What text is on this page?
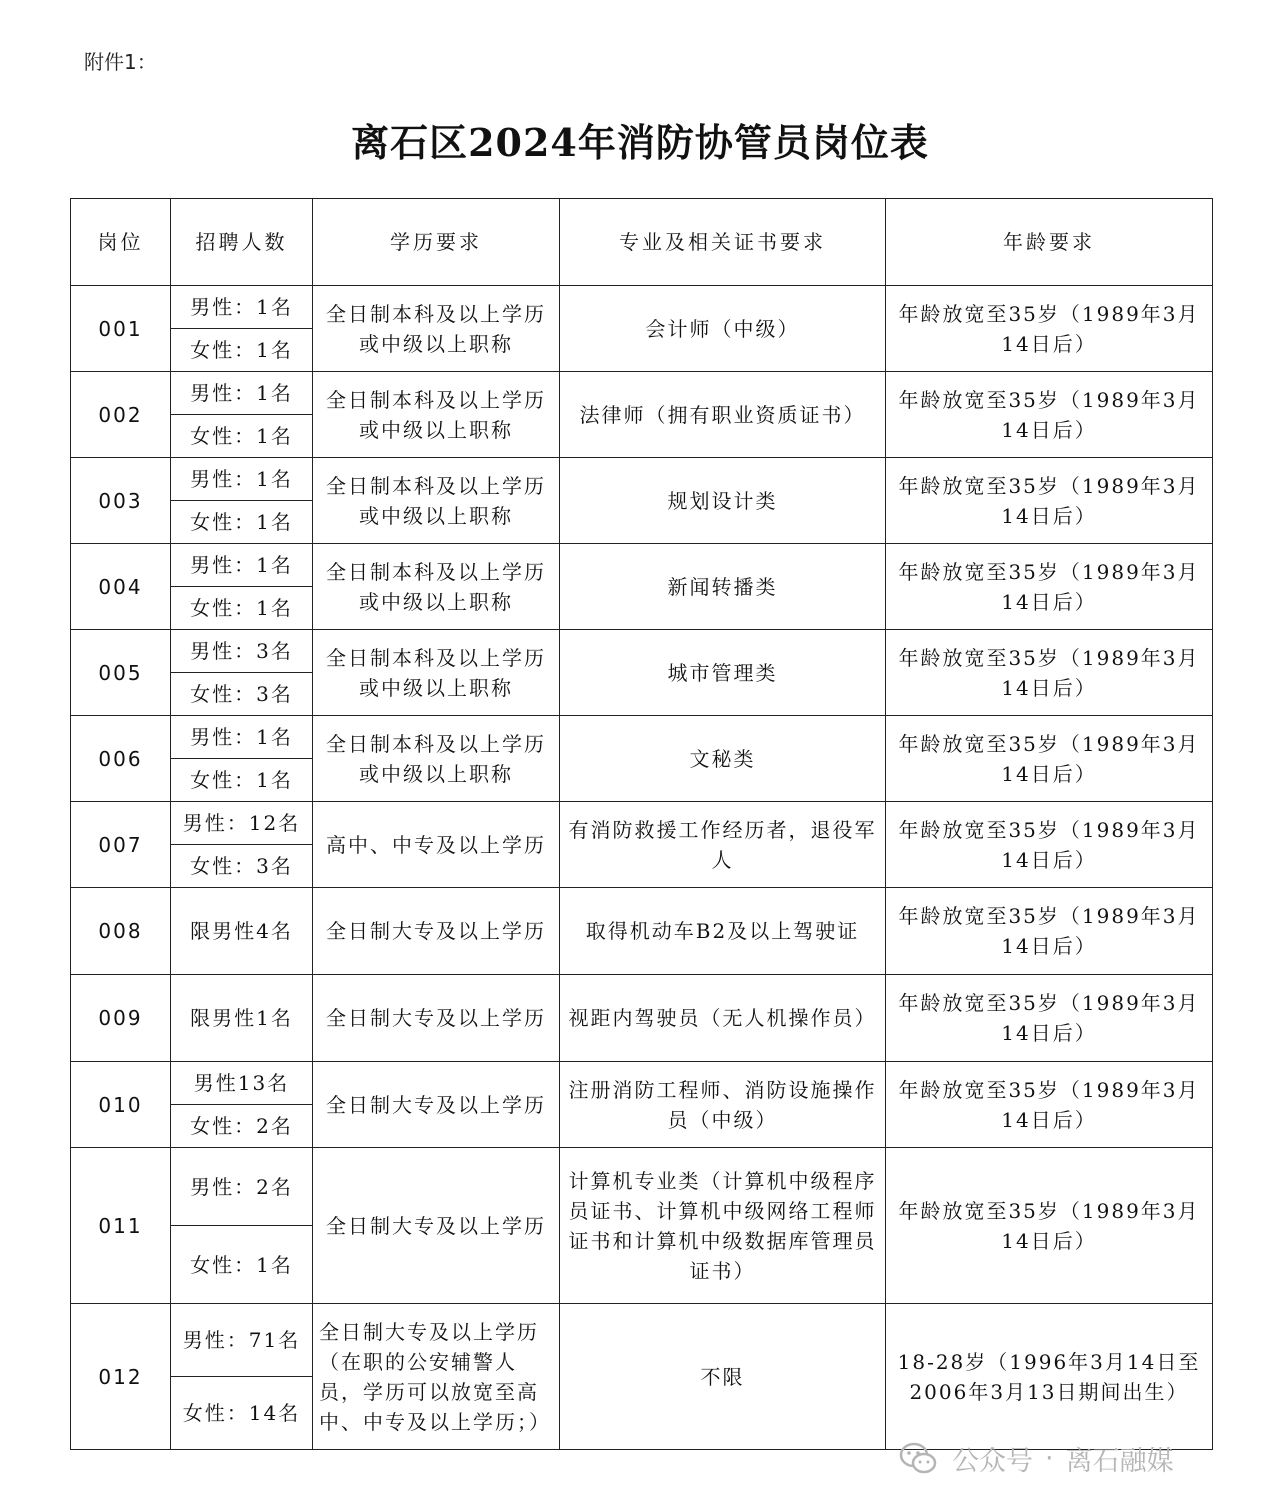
附件1：
离石区2024年消防协管员岗位表
岗位	招聘人数	学历要求	专业及相关证书要求	年龄要求
001	男性：1名	全日制本科及以上学历或中级以上职称	会计师（中级）	年龄放宽至35岁（1989年3月14日后）
	女性：1名			
002	男性：1名	全日制本科及以上学历或中级以上职称	法律师（拥有职业资质证书）	年龄放宽至35岁（1989年3月14日后）
	女性：1名			
003	男性：1名	全日制本科及以上学历或中级以上职称	规划设计类	年龄放宽至35岁（1989年3月14日后）
	女性：1名			
004	男性：1名	全日制本科及以上学历或中级以上职称	新闻转播类	年龄放宽至35岁（1989年3月14日后）
	女性：1名			
005	男性：3名	全日制本科及以上学历或中级以上职称	城市管理类	年龄放宽至35岁（1989年3月14日后）
	女性：3名			
006	男性：1名	全日制本科及以上学历或中级以上职称	文秘类	年龄放宽至35岁（1989年3月14日后）
	女性：1名			
007	男性：12名	高中、中专及以上学历	有消防救援工作经历者，退役军人	年龄放宽至35岁（1989年3月14日后）
	女性：3名			
008	限男性4名	全日制大专及以上学历	取得机动车B2及以上驾驶证	年龄放宽至35岁（1989年3月14日后）
009	限男性1名	全日制大专及以上学历	视距内驾驶员（无人机操作员）	年龄放宽至35岁（1989年3月14日后）
010	男性13名	全日制大专及以上学历	注册消防工程师、消防设施操作员（中级）	年龄放宽至35岁（1989年3月14日后）
	女性：2名			
011	男性：2名	全日制大专及以上学历	计算机专业类（计算机中级程序员证书、计算机中级网络工程师证书和计算机中级数据库管理员证书）	年龄放宽至35岁（1989年3月14日后）
	女性：1名			
012	男性：71名	全日制大专及以上学历（在职的公安辅警人员，学历可以放宽至高中、中专及以上学历；）	不限	18-28岁（1996年3月14日至2006年3月13日期间出生）
	女性：14名			
公众号 · 离石融媒
